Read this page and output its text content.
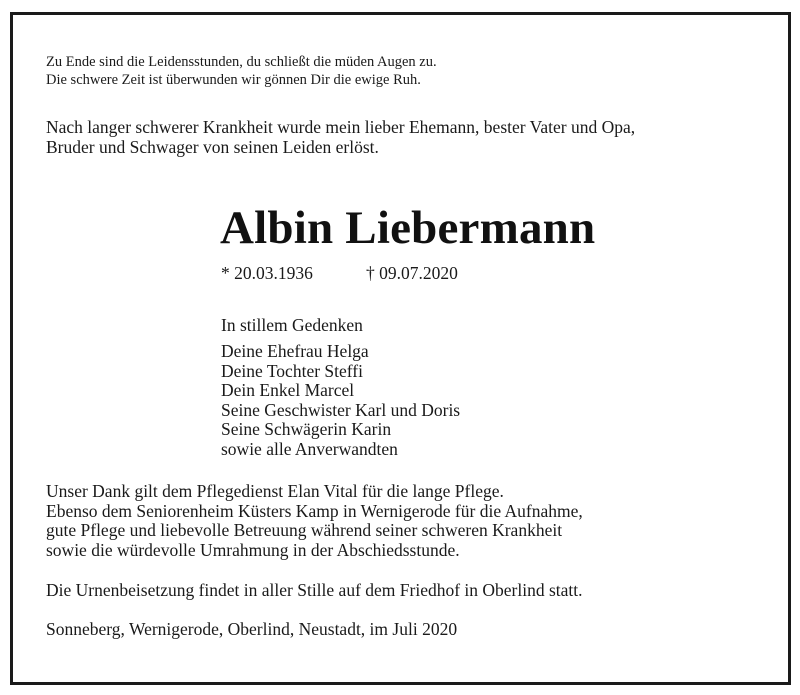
Zu Ende sind die Leidensstunden, du schließt die müden Augen zu.
Die schwere Zeit ist überwunden wir gönnen Dir die ewige Ruh.

Nach langer schwerer Krankheit wurde mein lieber Ehemann, bester Vater und Opa,
Bruder und Schwager von seinen Leiden erlöst.

Albin Liebermann
* 20.03.1936	† 09.07.2020
In stillem Gedenken
Deine Ehefrau Helga
Deine Tochter Steffi
Dein Enkel Marcel
Seine Geschwister Karl und Doris
Seine Schwägerin Karin
sowie alle Anverwandten

Unser Dank gilt dem Pflegedienst Elan Vital für die lange Pflege.
Ebenso dem Seniorenheim Küsters Kamp in Wernigerode für die Aufnahme,
gute Pflege und liebevolle Betreuung während seiner schweren Krankheit
sowie die würdevolle Umrahmung in der Abschiedsstunde.

Die Urnenbeisetzung findet in aller Stille auf dem Friedhof in Oberlind statt.

Sonneberg, Wernigerode, Oberlind, Neustadt, im Juli 2020
